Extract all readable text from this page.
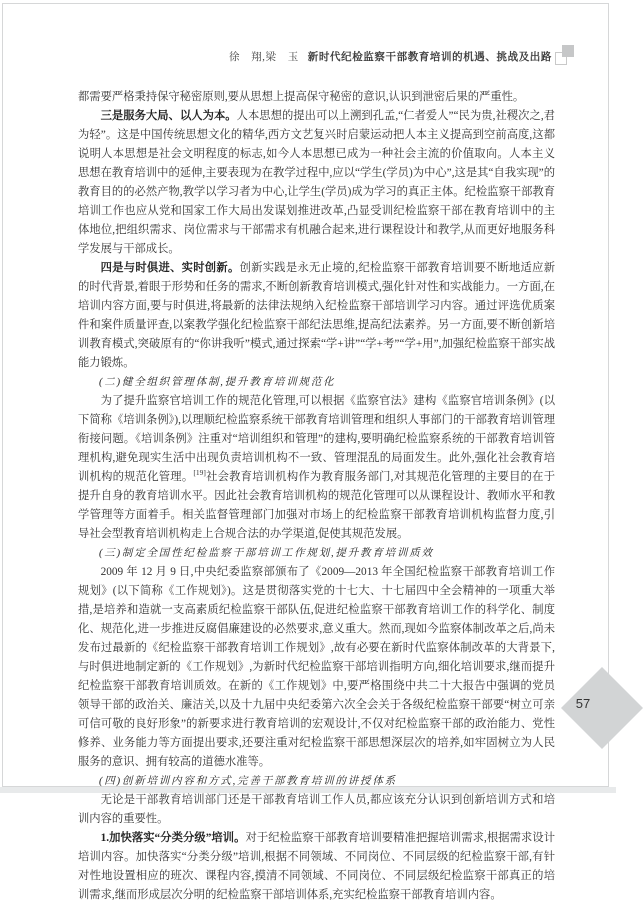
徐　翔,梁　玉 新时代纪检监察干部教育培训的机遇、挑战及出路

都需要严格秉持保守秘密原则,要从思想上提高保守秘密的意识,认识到泄密后果的严重性。

三是服务大局、以人为本。人本思想的提出可以上溯到孔孟,“仁者爱人”“民为贵,社稷次之,君为轻”。这是中国传统思想文化的精华,西方文艺复兴时启蒙运动把人本主义提高到空前高度,这都说明人本思想是社会文明程度的标志,如今人本思想已成为一种社会主流的价值取向。人本主义思想在教育培训中的延伸,主要表现为在教学过程中,应以“学生(学员)为中心”,这是其“自我实现”的教育目的的必然产物,教学以学习者为中心,让学生(学员)成为学习的真正主体。纪检监察干部教育培训工作也应从党和国家工作大局出发谋划推进改革,凸显受训纪检监察干部在教育培训中的主体地位,把组织需求、岗位需求与干部需求有机融合起来,进行课程设计和教学,从而更好地服务科学发展与干部成长。

四是与时俱进、实时创新。创新实践是永无止境的,纪检监察干部教育培训要不断地适应新的时代背景,着眼于形势和任务的需求,不断创新教育培训模式,强化针对性和实战能力。一方面,在培训内容方面,要与时俱进,将最新的法律法规纳入纪检监察干部培训学习内容。通过评选优质案件和案件质量评查,以案教学强化纪检监察干部纪法思维,提高纪法素养。另一方面,要不断创新培训教育模式,突破原有的“你讲我听”模式,通过探索“学+讲”“学+考”“学+用”,加强纪检监察干部实战能力锻炼。

(二)健全组织管理体制,提升教育培训规范化

为了提升监察官培训工作的规范化管理,可以根据《监察官法》建构《监察官培训条例》(以下简称《培训条例》),以理顺纪检监察系统干部教育培训管理和组织人事部门的干部教育培训管理衔接问题。《培训条例》注重对“培训组织和管理”的建构,要明确纪检监察系统的干部教育培训管理机构,避免现实生活中出现负责培训机构不一致、管理混乱的局面发生。此外,强化社会教育培训机构的规范化管理。[19]社会教育培训机构作为教育服务部门,对其规范化管理的主要目的在于提升自身的教育培训水平。因此社会教育培训机构的规范化管理可以从课程设计、教师水平和教学管理等方面着手。相关监督管理部门加强对市场上的纪检监察干部教育培训机构监督力度,引导社会型教育培训机构走上合规合法的办学渠道,促使其规范发展。

(三)制定全国性纪检监察干部培训工作规划,提升教育培训质效

2009 年 12 月 9 日,中央纪委监察部颁布了《2009—2013 年全国纪检监察干部教育培训工作规划》(以下简称《工作规划》)。这是贯彻落实党的十七大、十七届四中全会精神的一项重大举措,是培养和造就一支高素质纪检监察干部队伍,促进纪检监察干部教育培训工作的科学化、制度化、规范化,进一步推进反腐倡廉建设的必然要求,意义重大。然而,现如今监察体制改革之后,尚未发布过最新的《纪检监察干部教育培训工作规划》,故有必要在新时代监察体制改革的大背景下,与时俱进地制定新的《工作规划》,为新时代纪检监察干部培训指明方向,细化培训要求,继而提升纪检监察干部教育培训质效。在新的《工作规划》中,要严格围绕中共二十大报告中强调的党员领导干部的政治关、廉洁关,以及十九届中央纪委第六次全会关于各级纪检监察干部要“树立可亲可信可敬的良好形象”的新要求进行教育培训的宏观设计,不仅对纪检监察干部的政治能力、党性修养、业务能力等方面提出要求,还要注重对纪检监察干部思想深层次的培养,如牢固树立为人民服务的意识、拥有较高的道德水准等。

(四)创新培训内容和方式,完善干部教育培训的讲授体系

无论是干部教育培训部门还是干部教育培训工作人员,都应该充分认识到创新培训方式和培训内容的重要性。

1.加快落实“分类分级”培训。对于纪检监察干部教育培训要精准把握培训需求,根据需求设计培训内容。加快落实“分类分级”培训,根据不同领域、不同岗位、不同层级的纪检监察干部,有针对性地设置相应的班次、课程内容,摸清不同领域、不同岗位、不同层级纪检监察干部真正的培训需求,继而形成层次分明的纪检监察干部培训体系,充实纪检监察干部教育培训内容。

57
